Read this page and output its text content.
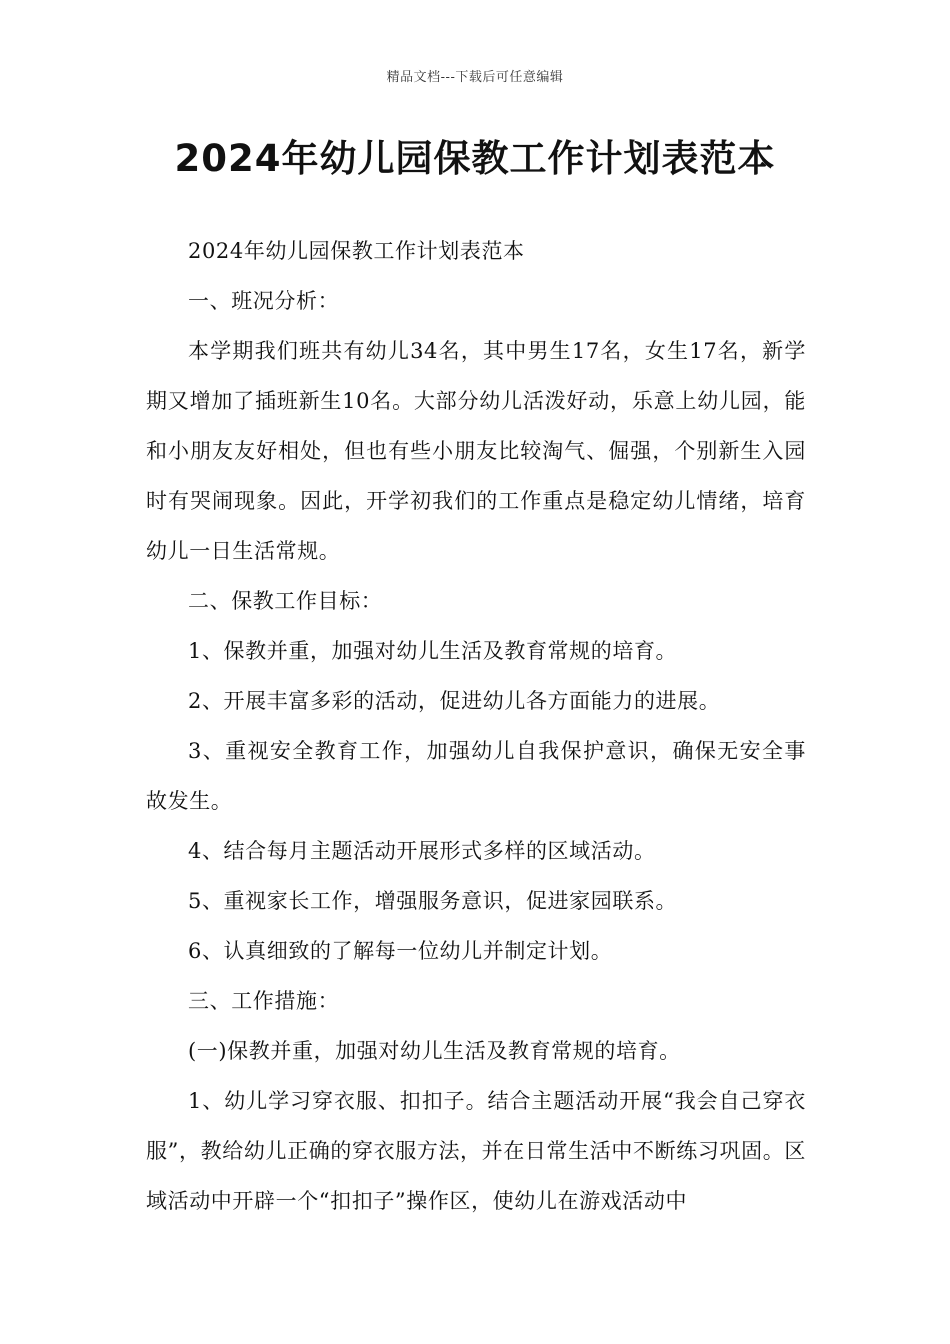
精品文档---下载后可任意编辑
2024年幼儿园保教工作计划表范本

2024年幼儿园保教工作计划表范本

一、班况分析：

本学期我们班共有幼儿34名，其中男生17名，女生17名，新学期又增加了插班新生10名。大部分幼儿活泼好动，乐意上幼儿园，能和小朋友友好相处，但也有些小朋友比较淘气、倔强，个别新生入园时有哭闹现象。因此，开学初我们的工作重点是稳定幼儿情绪，培育幼儿一日生活常规。

二、保教工作目标：

1、保教并重，加强对幼儿生活及教育常规的培育。

2、开展丰富多彩的活动，促进幼儿各方面能力的进展。

3、重视安全教育工作，加强幼儿自我保护意识，确保无安全事故发生。

4、结合每月主题活动开展形式多样的区域活动。

5、重视家长工作，增强服务意识，促进家园联系。

6、认真细致的了解每一位幼儿并制定计划。

三、工作措施：

(一)保教并重，加强对幼儿生活及教育常规的培育。

1、幼儿学习穿衣服、扣扣子。结合主题活动开展“我会自己穿衣服”，教给幼儿正确的穿衣服方法，并在日常生活中不断练习巩固。区域活动中开辟一个“扣扣子”操作区，使幼儿在游戏活动中
